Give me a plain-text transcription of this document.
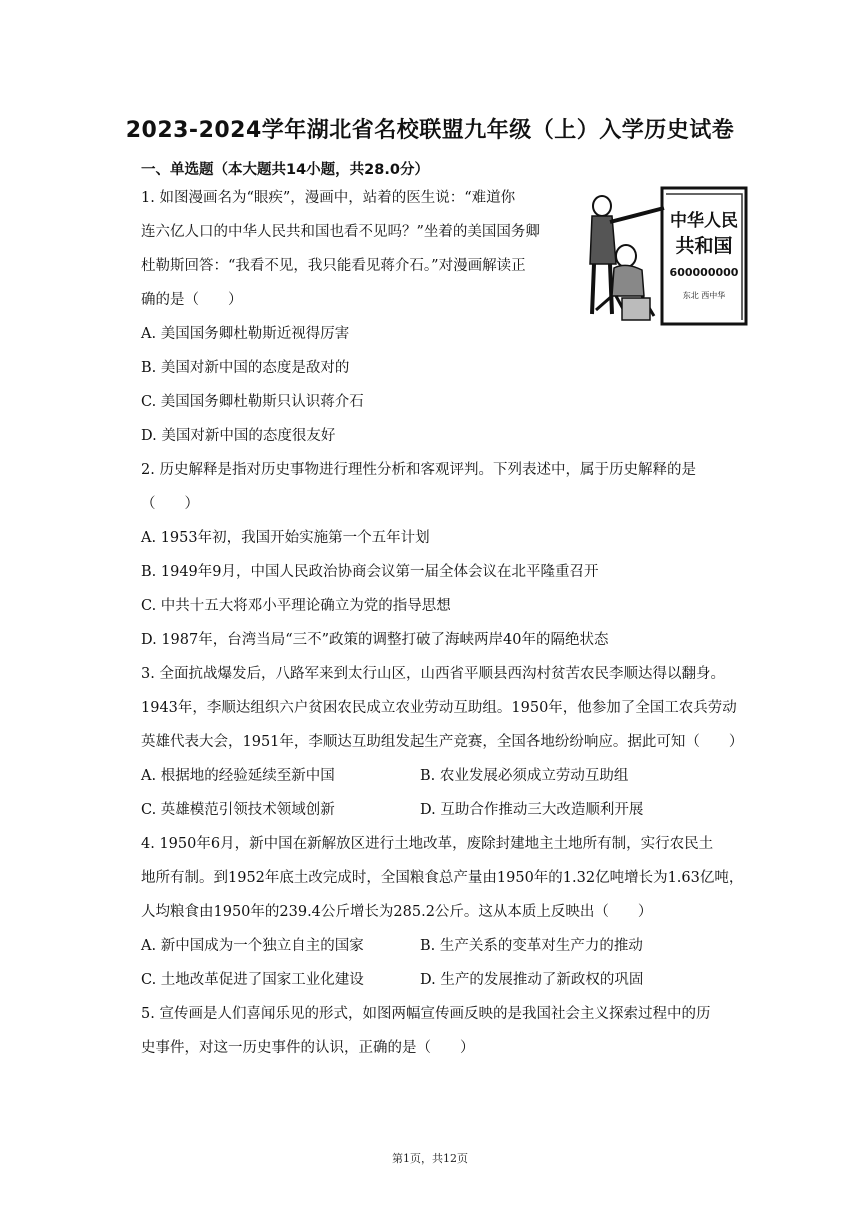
2023-2024学年湖北省名校联盟九年级（上）入学历史试卷
一、单选题（本大题共14小题，共28.0分）
1. 如图漫画名为“眼疾”，漫画中，站着的医生说：“难道你
连六亿人口的中华人民共和国也看不见吗？”坐着的美国国务卿
杜勒斯回答：“我看不见，我只能看见蒋介石。”对漫画解读正
确的是（　　）
中华人民
共和国
600000000
东北 西中华
A. 美国国务卿杜勒斯近视得厉害
B. 美国对新中国的态度是敌对的
C. 美国国务卿杜勒斯只认识蒋介石
D. 美国对新中国的态度很友好
2. 历史解释是指对历史事物进行理性分析和客观评判。下列表述中，属于历史解释的是
（　　）
A. 1953年初，我国开始实施第一个五年计划
B. 1949年9月，中国人民政治协商会议第一届全体会议在北平隆重召开
C. 中共十五大将邓小平理论确立为党的指导思想
D. 1987年，台湾当局“三不”政策的调整打破了海峡两岸40年的隔绝状态
3. 全面抗战爆发后，八路军来到太行山区，山西省平顺县西沟村贫苦农民李顺达得以翻身。
1943年，李顺达组织六户贫困农民成立农业劳动互助组。1950年，他参加了全国工农兵劳动
英雄代表大会，1951年，李顺达互助组发起生产竞赛，全国各地纷纷响应。据此可知（　　）
A. 根据地的经验延续至新中国	B. 农业发展必须成立劳动互助组
C. 英雄模范引领技术领域创新	D. 互助合作推动三大改造顺利开展
4. 1950年6月，新中国在新解放区进行土地改革，废除封建地主土地所有制，实行农民土
地所有制。到1952年底土改完成时，全国粮食总产量由1950年的1.32亿吨增长为1.63亿吨，
人均粮食由1950年的239.4公斤增长为285.2公斤。这从本质上反映出（　　）
A. 新中国成为一个独立自主的国家	B. 生产关系的变革对生产力的推动
C. 土地改革促进了国家工业化建设	D. 生产的发展推动了新政权的巩固
5. 宣传画是人们喜闻乐见的形式，如图两幅宣传画反映的是我国社会主义探索过程中的历
史事件，对这一历史事件的认识，正确的是（　　）
第1页，共12页
